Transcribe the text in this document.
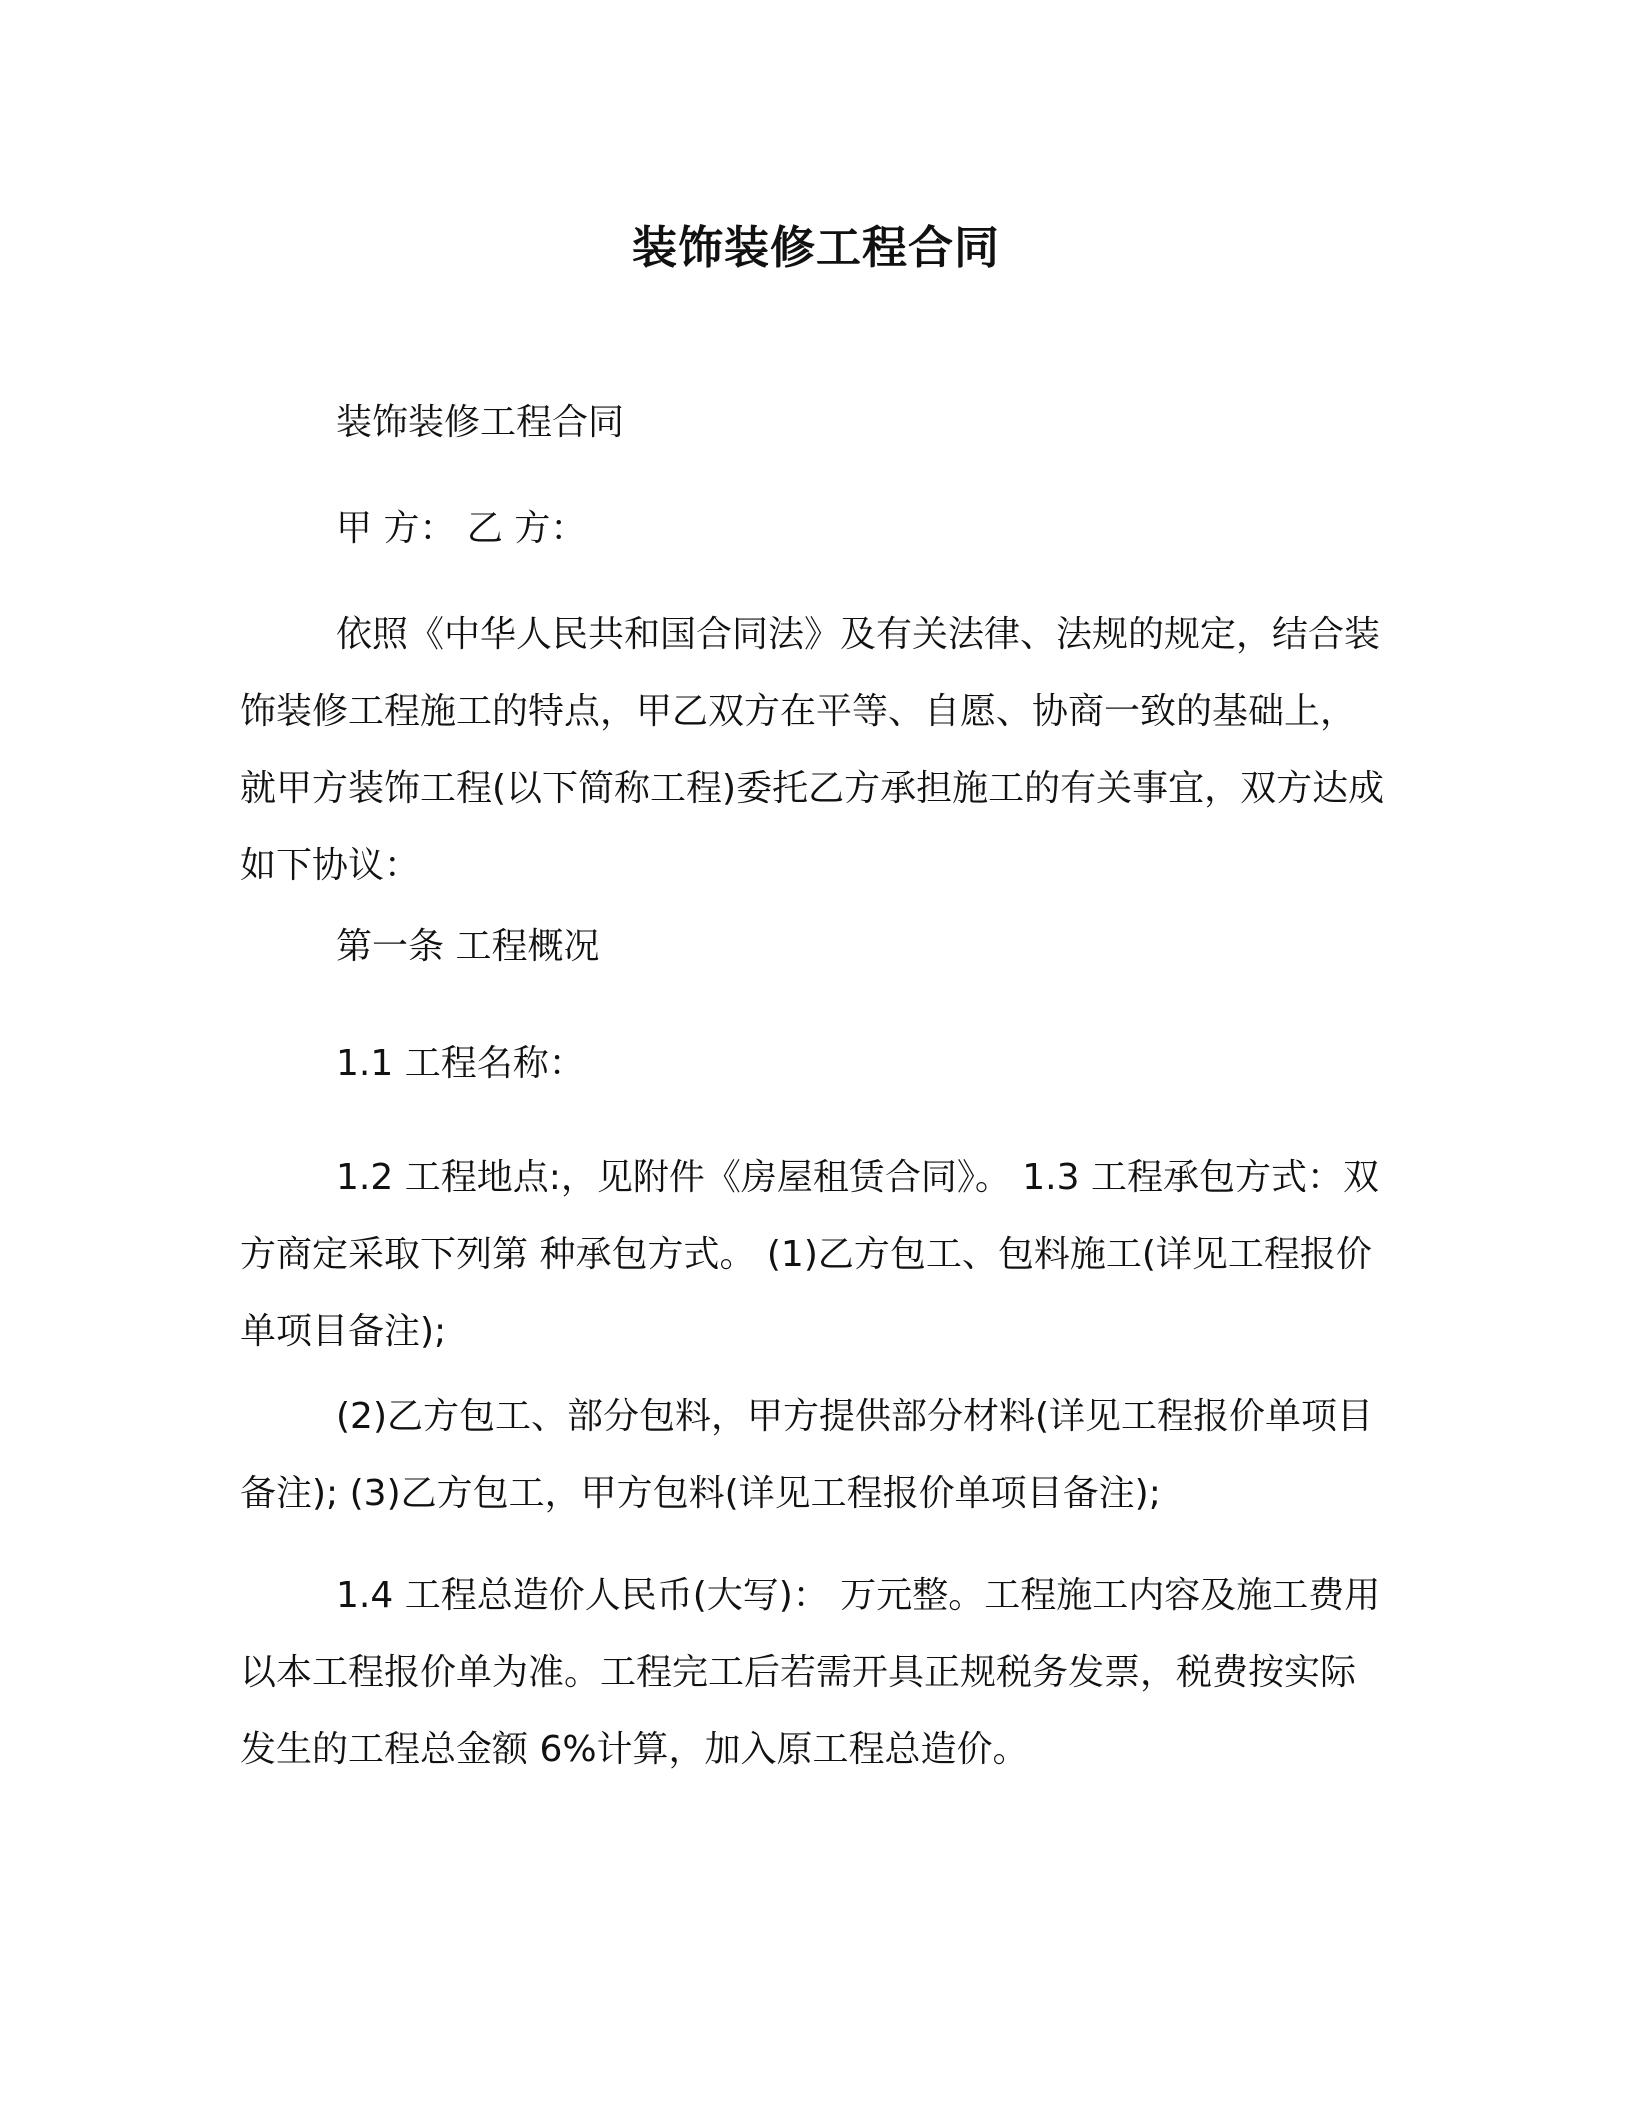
装饰装修工程合同
装饰装修工程合同
甲 方： 乙 方：
依照《中华人民共和国合同法》及有关法律、法规的规定，结合装饰装修工程施工的特点，甲乙双方在平等、自愿、协商一致的基础上，就甲方装饰工程(以下简称工程)委托乙方承担施工的有关事宜，双方达成如下协议：
第一条 工程概况
1.1 工程名称：
1.2 工程地点:，见附件《房屋租赁合同》。 1.3 工程承包方式：双方商定采取下列第 种承包方式。 (1)乙方包工、包料施工(详见工程报价单项目备注);
(2)乙方包工、部分包料，甲方提供部分材料(详见工程报价单项目备注); (3)乙方包工，甲方包料(详见工程报价单项目备注);
1.4 工程总造价人民币(大写)： 万元整。工程施工内容及施工费用以本工程报价单为准。工程完工后若需开具正规税务发票，税费按实际发生的工程总金额 6%计算，加入原工程总造价。
